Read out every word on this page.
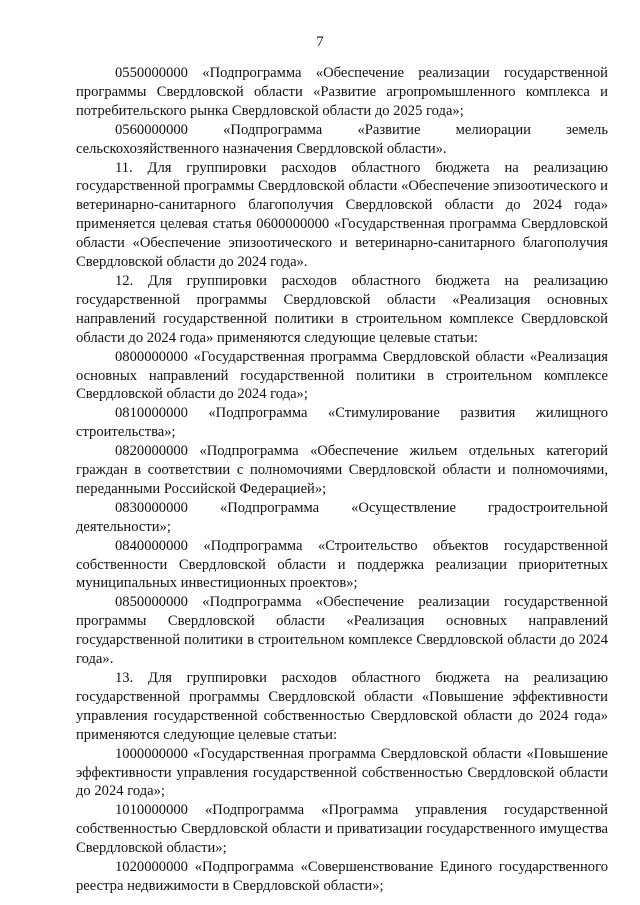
7

0550000000 «Подпрограмма «Обеспечение реализации государственной программы Свердловской области «Развитие агропромышленного комплекса и потребительского рынка Свердловской области до 2025 года»;

0560000000 «Подпрограмма «Развитие мелиорации земель сельскохозяйственного назначения Свердловской области».

11. Для группировки расходов областного бюджета на реализацию государственной программы Свердловской области «Обеспечение эпизоотического и ветеринарно-санитарного благополучия Свердловской области до 2024 года» применяется целевая статья 0600000000 «Государственная программа Свердловской области «Обеспечение эпизоотического и ветеринарно-санитарного благополучия Свердловской области до 2024 года».

12. Для группировки расходов областного бюджета на реализацию государственной программы Свердловской области «Реализация основных направлений государственной политики в строительном комплексе Свердловской области до 2024 года» применяются следующие целевые статьи:

0800000000 «Государственная программа Свердловской области «Реализация основных направлений государственной политики в строительном комплексе Свердловской области до 2024 года»;

0810000000 «Подпрограмма «Стимулирование развития жилищного строительства»;

0820000000 «Подпрограмма «Обеспечение жильем отдельных категорий граждан в соответствии с полномочиями Свердловской области и полномочиями, переданными Российской Федерацией»;

0830000000 «Подпрограмма «Осуществление градостроительной деятельности»;

0840000000 «Подпрограмма «Строительство объектов государственной собственности Свердловской области и поддержка реализации приоритетных муниципальных инвестиционных проектов»;

0850000000 «Подпрограмма «Обеспечение реализации государственной программы Свердловской области «Реализация основных направлений государственной политики в строительном комплексе Свердловской области до 2024 года».

13. Для группировки расходов областного бюджета на реализацию государственной программы Свердловской области «Повышение эффективности управления государственной собственностью Свердловской области до 2024 года» применяются следующие целевые статьи:

1000000000 «Государственная программа Свердловской области «Повышение эффективности управления государственной собственностью Свердловской области до 2024 года»;

1010000000 «Подпрограмма «Программа управления государственной собственностью Свердловской области и приватизации государственного имущества Свердловской области»;

1020000000 «Подпрограмма «Совершенствование Единого государственного реестра недвижимости в Свердловской области»;
